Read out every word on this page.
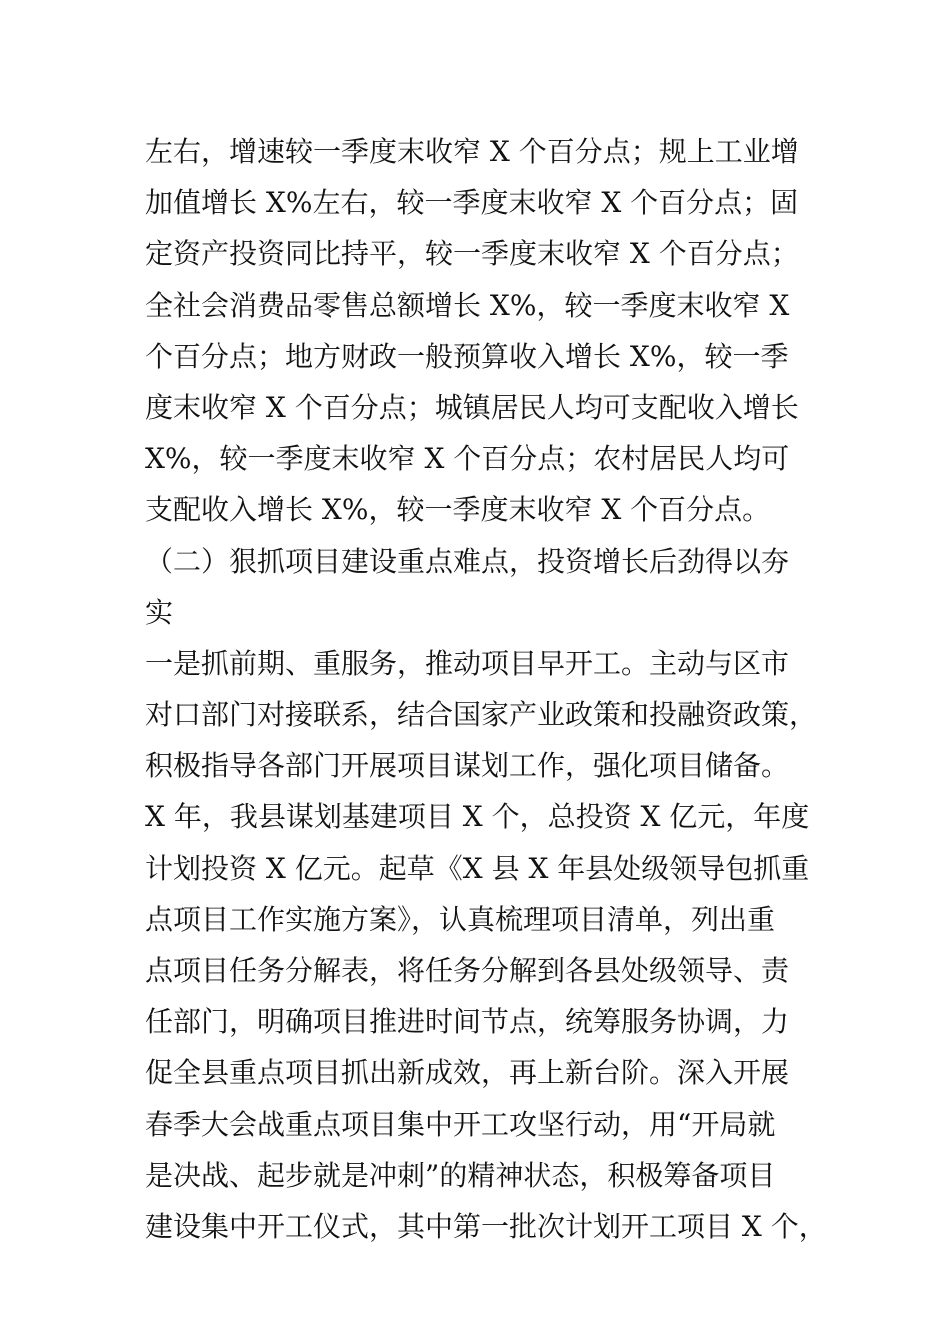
左右，增速较一季度末收窄 X 个百分点；规上工业增
加值增长 X%左右，较一季度末收窄 X 个百分点；固
定资产投资同比持平，较一季度末收窄 X 个百分点；
全社会消费品零售总额增长 X%，较一季度末收窄 X
个百分点；地方财政一般预算收入增长 X%，较一季
度末收窄 X 个百分点；城镇居民人均可支配收入增长
X%，较一季度末收窄 X 个百分点；农村居民人均可
支配收入增长 X%，较一季度末收窄 X 个百分点。
（二）狠抓项目建设重点难点，投资增长后劲得以夯
实
一是抓前期、重服务，推动项目早开工。主动与区市
对口部门对接联系，结合国家产业政策和投融资政策，
积极指导各部门开展项目谋划工作，强化项目储备。
X 年，我县谋划基建项目 X 个，总投资 X 亿元，年度
计划投资 X 亿元。起草《X 县 X 年县处级领导包抓重
点项目工作实施方案》，认真梳理项目清单，列出重
点项目任务分解表，将任务分解到各县处级领导、责
任部门，明确项目推进时间节点，统筹服务协调，力
促全县重点项目抓出新成效，再上新台阶。深入开展
春季大会战重点项目集中开工攻坚行动，用“开局就
是决战、起步就是冲刺”的精神状态，积极筹备项目
建设集中开工仪式，其中第一批次计划开工项目 X 个，
